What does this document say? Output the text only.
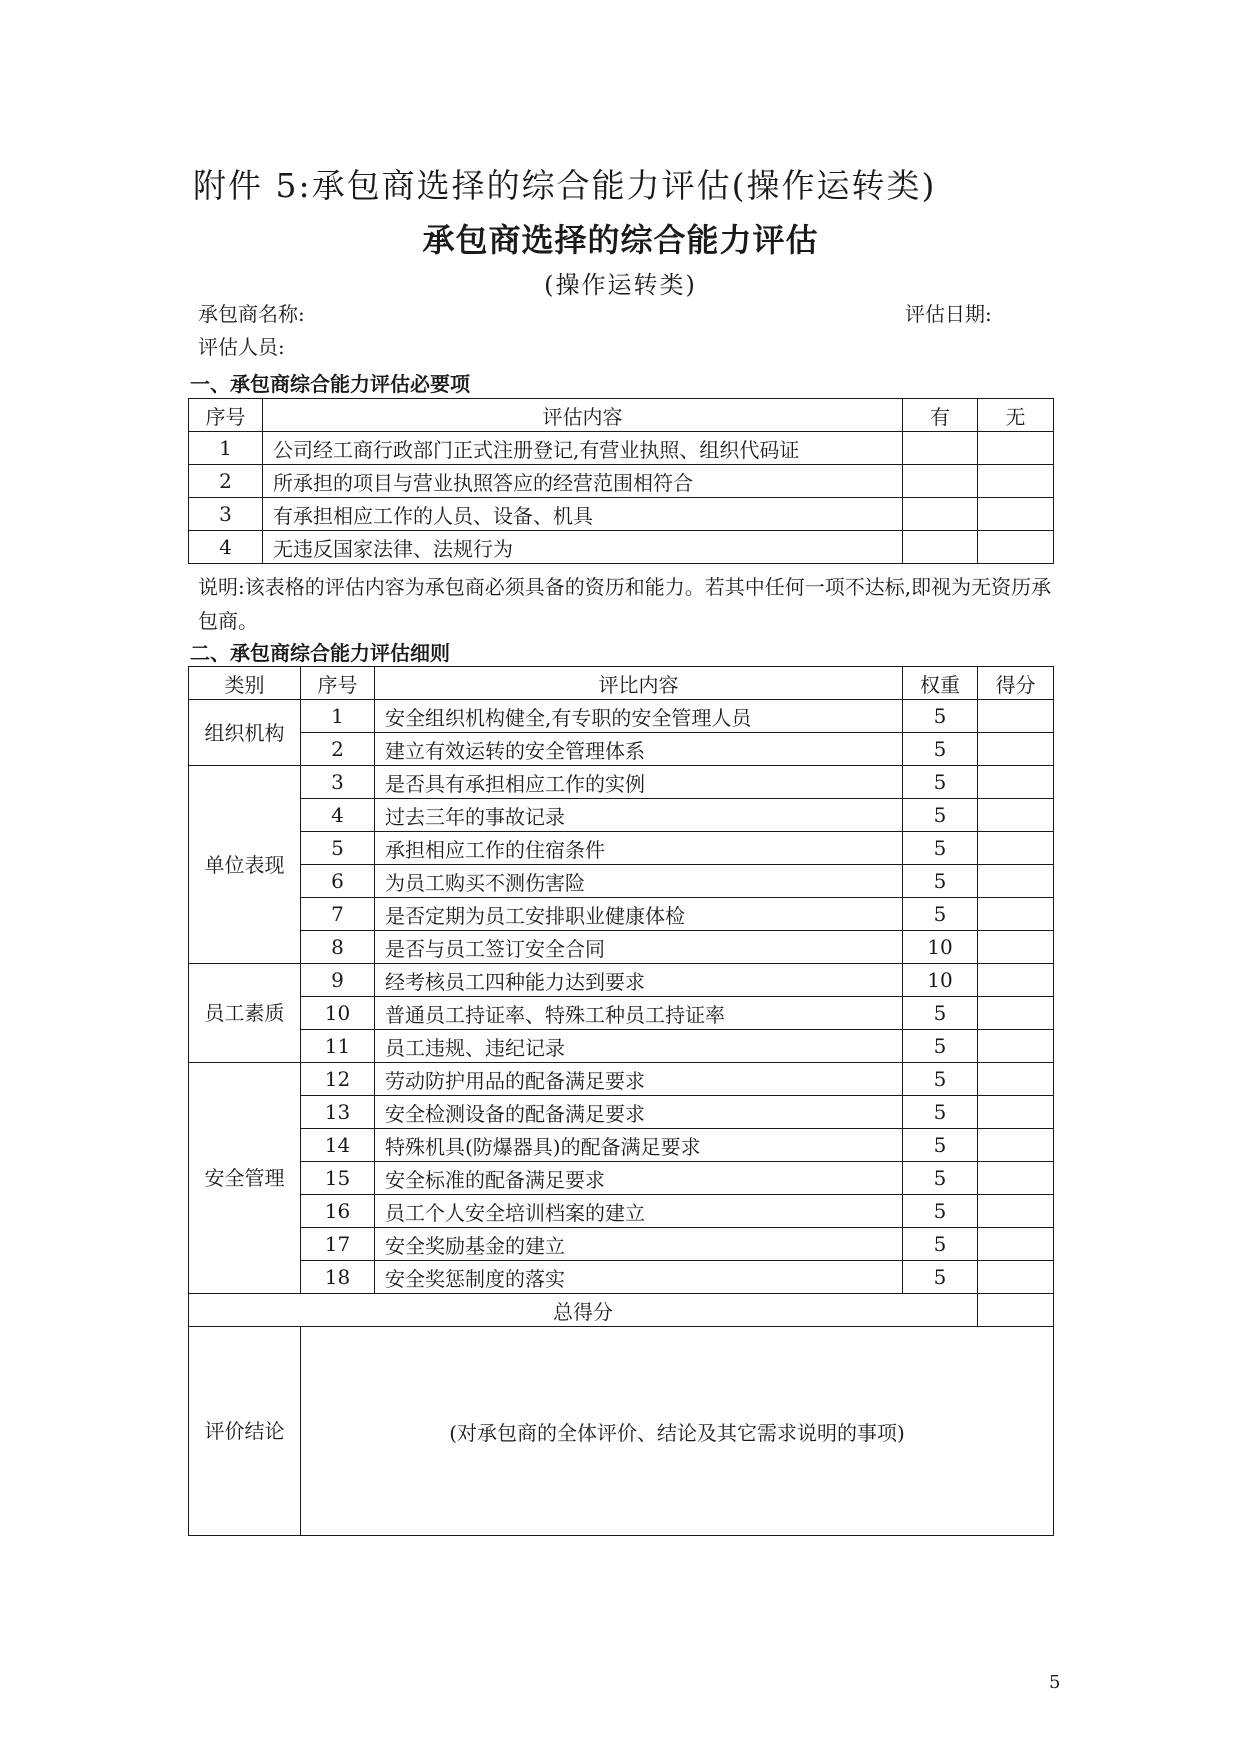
附件 5:承包商选择的综合能力评估(操作运转类)
承包商选择的综合能力评估
(操作运转类)
承包商名称:	评估日期:
评估人员:
一、承包商综合能力评估必要项
序号	评估内容	有	无
1	公司经工商行政部门正式注册登记,有营业执照、组织代码证		
2	所承担的项目与营业执照答应的经营范围相符合		
3	有承担相应工作的人员、设备、机具		
4	无违反国家法律、法规行为		
说明:该表格的评估内容为承包商必须具备的资历和能力。若其中任何一项不达标,即视为无资历承包商。
二、承包商综合能力评估细则
类别	序号	评比内容	权重	得分
组织机构	1	安全组织机构健全,有专职的安全管理人员	5	
	2	建立有效运转的安全管理体系	5	
单位表现	3	是否具有承担相应工作的实例	5	
	4	过去三年的事故记录	5	
	5	承担相应工作的住宿条件	5	
	6	为员工购买不测伤害险	5	
	7	是否定期为员工安排职业健康体检	5	
	8	是否与员工签订安全合同	10	
员工素质	9	经考核员工四种能力达到要求	10	
	10	普通员工持证率、特殊工种员工持证率	5	
	11	员工违规、违纪记录	5	
安全管理	12	劳动防护用品的配备满足要求	5	
	13	安全检测设备的配备满足要求	5	
	14	特殊机具(防爆器具)的配备满足要求	5	
	15	安全标准的配备满足要求	5	
	16	员工个人安全培训档案的建立	5	
	17	安全奖励基金的建立	5	
	18	安全奖惩制度的落实	5	
总得分				
评价结论	(对承包商的全体评价、结论及其它需求说明的事项)			
5
